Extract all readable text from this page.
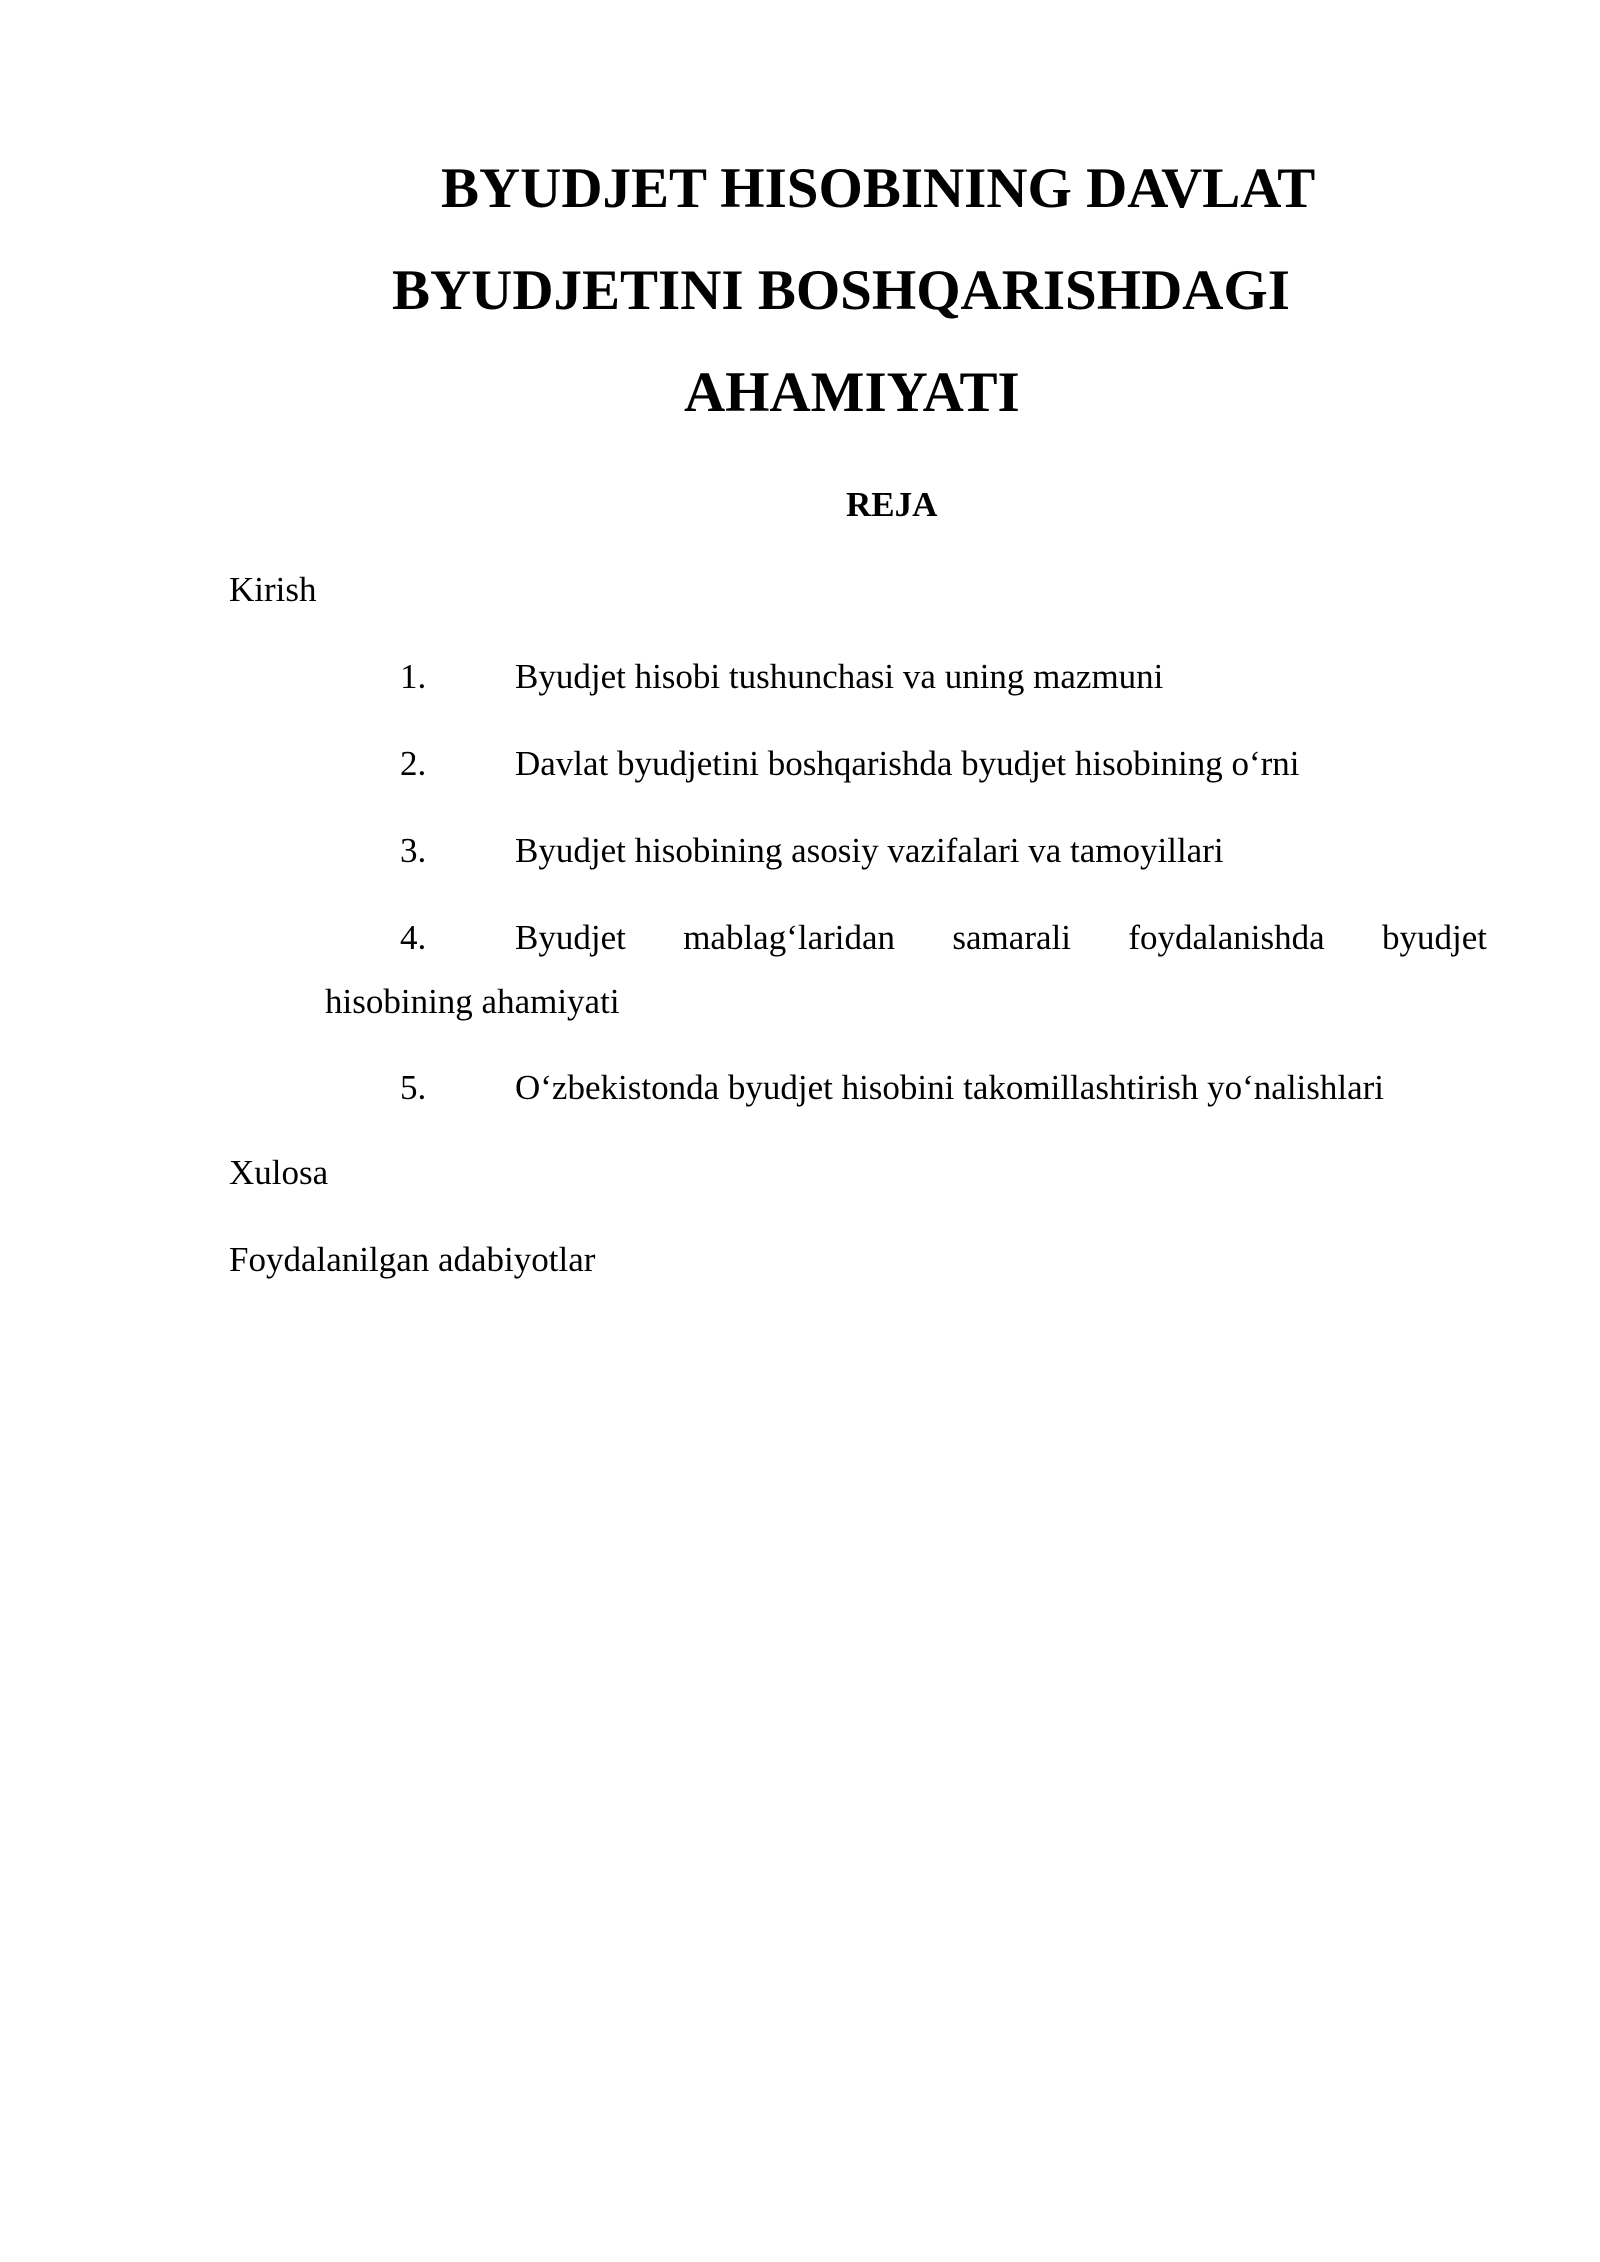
BYUDJET HISOBINING DAVLAT
BYUDJETINI BOSHQARISHDAGI
AHAMIYATI
REJA

Kirish

1.	Byudjet hisobi tushunchasi va uning mazmuni
2.	Davlat byudjetini boshqarishda byudjet hisobining o‘rni
3.	Byudjet hisobining asosiy vazifalari va tamoyillari
4.	Byudjet mablag‘laridan samarali foydalanishda byudjet
hisobining ahamiyati
5.	O‘zbekistonda byudjet hisobini takomillashtirish yo‘nalishlari

Xulosa

Foydalanilgan adabiyotlar
